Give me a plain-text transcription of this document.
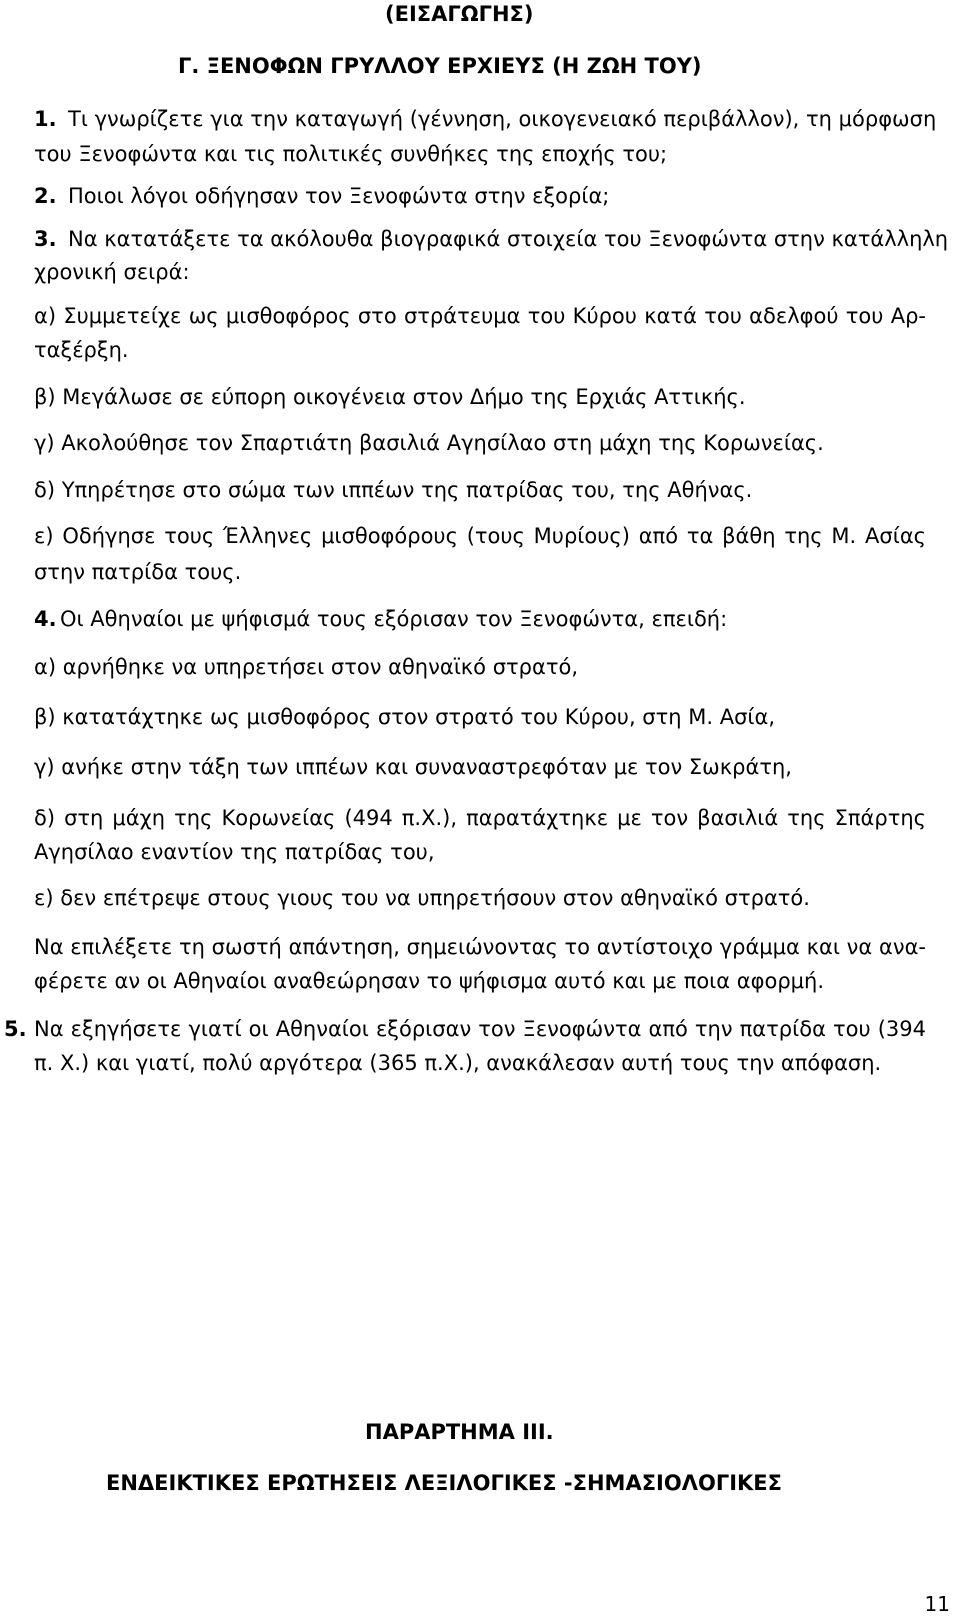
(ΕΙΣΑΓΩΓΗΣ)
Γ. ΞΕΝΟΦΩΝ ΓΡΥΛΛΟΥ ΕΡΧΙΕΥΣ (Η ΖΩΗ ΤΟΥ)
1. Τι γνωρίζετε για την καταγωγή (γέννηση, οικογενειακό περιβάλλον), τη μόρφωση
του Ξενοφώντα και τις πολιτικές συνθήκες της εποχής του;
2. Ποιοι λόγοι οδήγησαν τον Ξενοφώντα στην εξορία;
3. Να κατατάξετε τα ακόλουθα βιογραφικά στοιχεία του Ξενοφώντα στην κατάλληλη
χρονική σειρά:
α) Συμμετείχε ως μισθοφόρος στο στράτευμα του Κύρου κατά του αδελφού του Αρ-
ταξέρξη.
β) Μεγάλωσε σε εύπορη οικογένεια στον Δήμο της Ερχιάς Αττικής.
γ) Ακολούθησε τον Σπαρτιάτη βασιλιά Αγησίλαο στη μάχη της Κορωνείας.
δ) Υπηρέτησε στο σώμα των ιππέων της πατρίδας του, της Αθήνας.
ε) Οδήγησε τους Έλληνες μισθοφόρους (τους Μυρίους) από τα βάθη της Μ. Ασίας
στην πατρίδα τους.
4. Οι Αθηναίοι με ψήφισμά τους εξόρισαν τον Ξενοφώντα, επειδή:
α) αρνήθηκε να υπηρετήσει στον αθηναϊκό στρατό,
β) κατατάχτηκε ως μισθοφόρος στον στρατό του Κύρου, στη Μ. Ασία,
γ) ανήκε στην τάξη των ιππέων και συναναστρεφόταν με τον Σωκράτη,
δ) στη μάχη της Κορωνείας (494 π.Χ.), παρατάχτηκε με τον βασιλιά της Σπάρτης
Αγησίλαο εναντίον της πατρίδας του,
ε) δεν επέτρεψε στους γιους του να υπηρετήσουν στον αθηναϊκό στρατό.
Να επιλέξετε τη σωστή απάντηση, σημειώνοντας το αντίστοιχο γράμμα και να ανα-
φέρετε αν οι Αθηναίοι αναθεώρησαν το ψήφισμα αυτό και με ποια αφορμή.
5. Να εξηγήσετε γιατί οι Αθηναίοι εξόρισαν τον Ξενοφώντα από την πατρίδα του (394
π. Χ.) και γιατί, πολύ αργότερα (365 π.Χ.), ανακάλεσαν αυτή τους την απόφαση.
ΠΑΡΑΡΤΗΜΑ ΙΙΙ.
ΕΝΔΕΙΚΤΙΚΕΣ ΕΡΩΤΗΣΕΙΣ ΛΕΞΙΛΟΓΙΚΕΣ -ΣΗΜΑΣΙΟΛΟΓΙΚΕΣ
11
